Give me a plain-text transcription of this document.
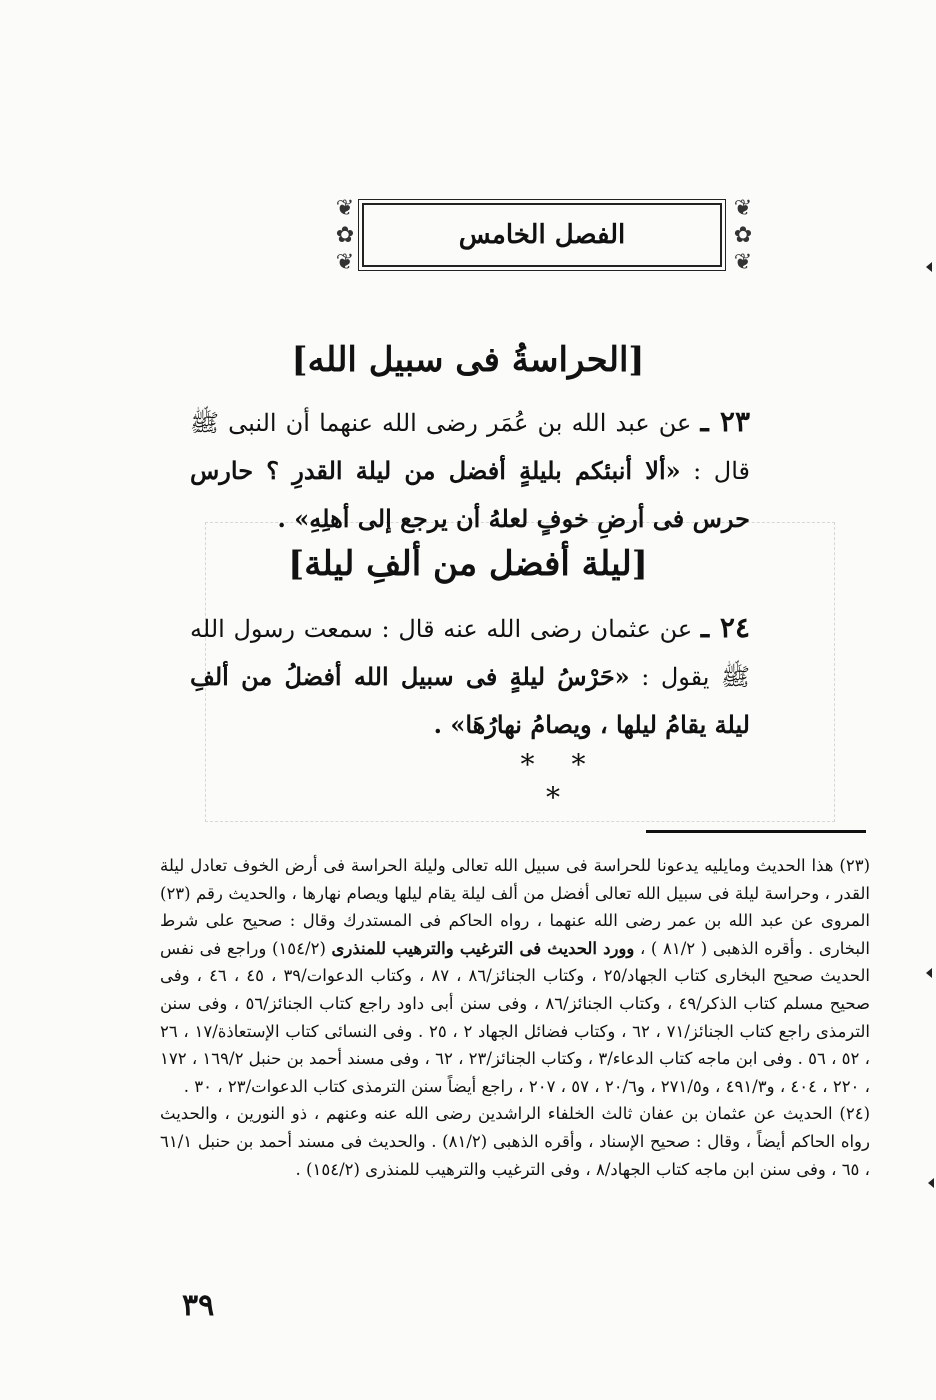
❦
✿
❦
الفصل الخامس
❦
✿
❦
[الحراسةُ فى سبيل الله]
٢٣ ـ عن عبد الله بن عُمَر رضى الله عنهما أن النبى ﷺ قال : «ألا أنبئكم بليلةٍ أفضل من ليلة القدرِ ؟ حارس حرس فى أرضِ خوفٍ لعلهُ أن يرجع إلى أهلِهِ» .
[ليلة أفضل من ألفِ ليلة]
٢٤ ـ عن عثمان رضى الله عنه قال : سمعت رسول الله ﷺ يقول : «حَرْسُ ليلةٍ فى سبيل الله أفضلُ من ألفِ ليلة يقامُ ليلها ، ويصامُ نهارُهَا» .
* * *

(٢٣) هذا الحديث ومايليه يدعونا للحراسة فى سبيل الله تعالى وليلة الحراسة فى أرض الخوف تعادل ليلة القدر ، وحراسة ليلة فى سبيل الله تعالى أفضل من ألف ليلة يقام ليلها ويصام نهارها ، والحديث رقم (٢٣) المروى عن عبد الله بن عمر رضى الله عنهما ، رواه الحاكم فى المستدرك وقال : صحيح على شرط البخارى . وأقره الذهبى ( ٨١/٢ ) ، وورد الحديث فى الترغيب والترهيب للمنذرى (١٥٤/٢) وراجع فى نفس الحديث صحيح البخارى كتاب الجهاد/٢٥ ، وكتاب الجنائز/٨٦ ، ٨٧ ، وكتاب الدعوات/٣٩ ، ٤٥ ، ٤٦ ، وفى صحيح مسلم كتاب الذكر/٤٩ ، وكتاب الجنائز/٨٦ ، وفى سنن أبى داود راجع كتاب الجنائز/٥٦ ، وفى سنن الترمذى راجع كتاب الجنائز/٧١ ، ٦٢ ، وكتاب فضائل الجهاد ٢ ، ٢٥ . وفى النسائى كتاب الإستعاذة/١٧ ، ٢٦ ، ٥٢ ، ٥٦ . وفى ابن ماجه كتاب الدعاء/٣ ، وكتاب الجنائز/٢٣ ، ٦٢ ، وفى مسند أحمد بن حنبل ١٦٩/٢ ، ١٧٢ ، ٢٢٠ ، ٤٠٤ ، و٤٩١/٣ ، و٢٧١/٥ ، و٢٠/٦ ، ٥٧ ، ٢٠٧ ، راجع أيضاً سنن الترمذى كتاب الدعوات/٢٣ ، ٣٠ .

(٢٤) الحديث عن عثمان بن عفان ثالث الخلفاء الراشدين رضى الله عنه وعنهم ، ذو النورين ، والحديث رواه الحاكم أيضاً ، وقال : صحيح الإسناد ، وأقره الذهبى (٨١/٢) . والحديث فى مسند أحمد بن حنبل ٦١/١ ، ٦٥ ، وفى سنن ابن ماجه كتاب الجهاد/٨ ، وفى الترغيب والترهيب للمنذرى (١٥٤/٢) .

٣٩
